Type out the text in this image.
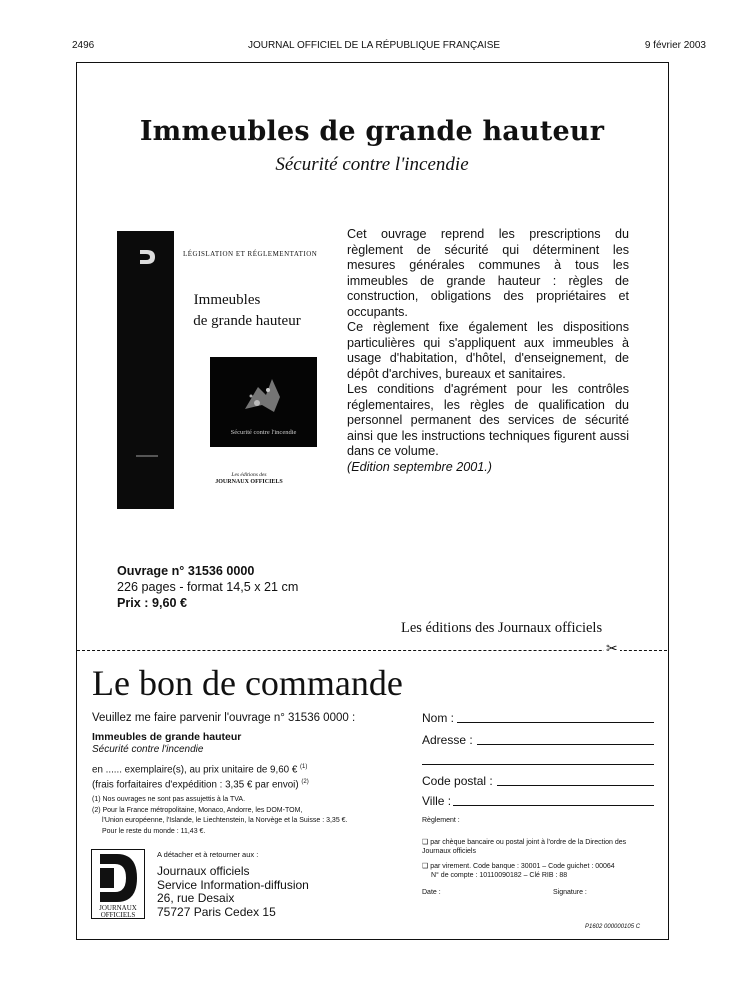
2496	JOURNAL OFFICIEL DE LA RÉPUBLIQUE FRANÇAISE	9 février 2003
Immeubles de grande hauteur
Sécurité contre l'incendie
LÉGISLATION ET RÉGLEMENTATION
Immeubles
de grande hauteur
Sécurité contre l'incendie
Les éditions des
JOURNAUX OFFICIELS

Cet ouvrage reprend les prescriptions du règlement de sécurité qui déterminent les mesures générales communes à tous les immeubles de grande hauteur : règles de construction, obligations des propriétaires et occupants.

Ce règlement fixe également les dispositions particulières qui s'appliquent aux immeubles à usage d'habitation, d'hôtel, d'enseignement, de dépôt d'archives, bureaux et sanitaires.

Les conditions d'agrément pour les contrôles réglementaires, les règles de qualification du personnel permanent des services de sécurité ainsi que les instructions techniques figurent aussi dans ce volume.

(Edition septembre 2001.)

Ouvrage n° 31536 0000
226 pages - format 14,5 x 21 cm
Prix : 9,60 €
Les éditions des Journaux officiels
✂
Le bon de commande
Veuillez me faire parvenir l'ouvrage n° 31536 0000 :
Immeubles de grande hauteur
Sécurité contre l'incendie
en ...... exemplaire(s), au prix unitaire de 9,60 € $^{(1)}$
(frais forfaitaires d'expédition : 3,35 € par envoi) $^{(2)}$
(1) Nos ouvrages ne sont pas assujettis à la TVA.
(2) Pour la France métropolitaine, Monaco, Andorre, les DOM-TOM,
l'Union européenne, l'Islande, le Liechtenstein, la Norvège et la Suisse : 3,35 €.
Pour le reste du monde : 11,43 €.
JOURNAUX
OFFICIELS
A détacher et à retourner aux :
Journaux officiels
Service Information-diffusion
26, rue Desaix
75727 Paris Cedex 15
Nom :
Adresse :
Code postal :
Ville :
Règlement :
❑ par chèque bancaire ou postal joint à l'ordre de la Direction des Journaux officiels
❑ par virement. Code banque : 30001 – Code guichet : 00064
N° de compte : 10110090182 – Clé RIB : 88
Date :	Signature :
P1602 000000105 C
